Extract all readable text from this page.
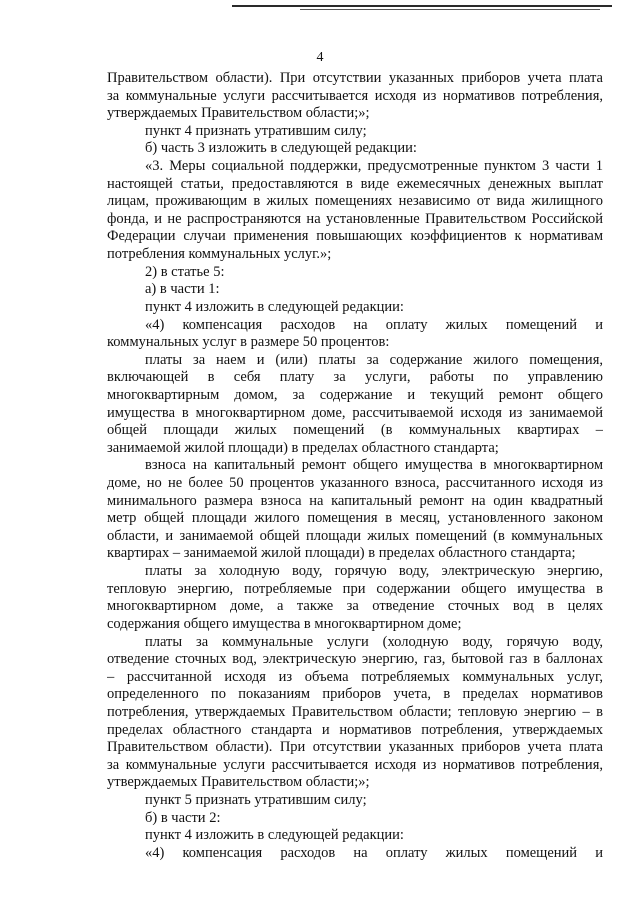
4
Правительством области). При отсутствии указанных приборов учета плата
за коммунальные услуги рассчитывается исходя из нормативов потребления,
утверждаемых Правительством области;»;
пункт 4 признать утратившим силу;
б) часть 3 изложить в следующей редакции:
«3. Меры социальной поддержки, предусмотренные пунктом 3 части 1
настоящей статьи, предоставляются в виде ежемесячных денежных выплат
лицам, проживающим в жилых помещениях независимо от вида жилищного
фонда, и не распространяются на установленные Правительством Российской
Федерации случаи применения повышающих коэффициентов к нормативам
потребления коммунальных услуг.»;
2) в статье 5:
а) в части 1:
пункт 4 изложить в следующей редакции:
«4) компенсация расходов на оплату жилых помещений и
коммунальных услуг в размере 50 процентов:
платы за наем и (или) платы за содержание жилого помещения,
включающей в себя плату за услуги, работы по управлению
многоквартирным домом, за содержание и текущий ремонт общего
имущества в многоквартирном доме, рассчитываемой исходя из занимаемой
общей площади жилых помещений (в коммунальных квартирах –
занимаемой жилой площади) в пределах областного стандарта;
взноса на капитальный ремонт общего имущества в многоквартирном
доме, но не более 50 процентов указанного взноса, рассчитанного исходя из
минимального размера взноса на капитальный ремонт на один квадратный
метр общей площади жилого помещения в месяц, установленного законом
области, и занимаемой общей площади жилых помещений (в коммунальных
квартирах – занимаемой жилой площади) в пределах областного стандарта;
платы за холодную воду, горячую воду, электрическую энергию,
тепловую энергию, потребляемые при содержании общего имущества в
многоквартирном доме, а также за отведение сточных вод в целях
содержания общего имущества в многоквартирном доме;
платы за коммунальные услуги (холодную воду, горячую воду,
отведение сточных вод, электрическую энергию, газ, бытовой газ в баллонах
– рассчитанной исходя из объема потребляемых коммунальных услуг,
определенного по показаниям приборов учета, в пределах нормативов
потребления, утверждаемых Правительством области; тепловую энергию – в
пределах областного стандарта и нормативов потребления, утверждаемых
Правительством области). При отсутствии указанных приборов учета плата
за коммунальные услуги рассчитывается исходя из нормативов потребления,
утверждаемых Правительством области;»;
пункт 5 признать утратившим силу;
б) в части 2:
пункт 4 изложить в следующей редакции:
«4) компенсация расходов на оплату жилых помещений и
